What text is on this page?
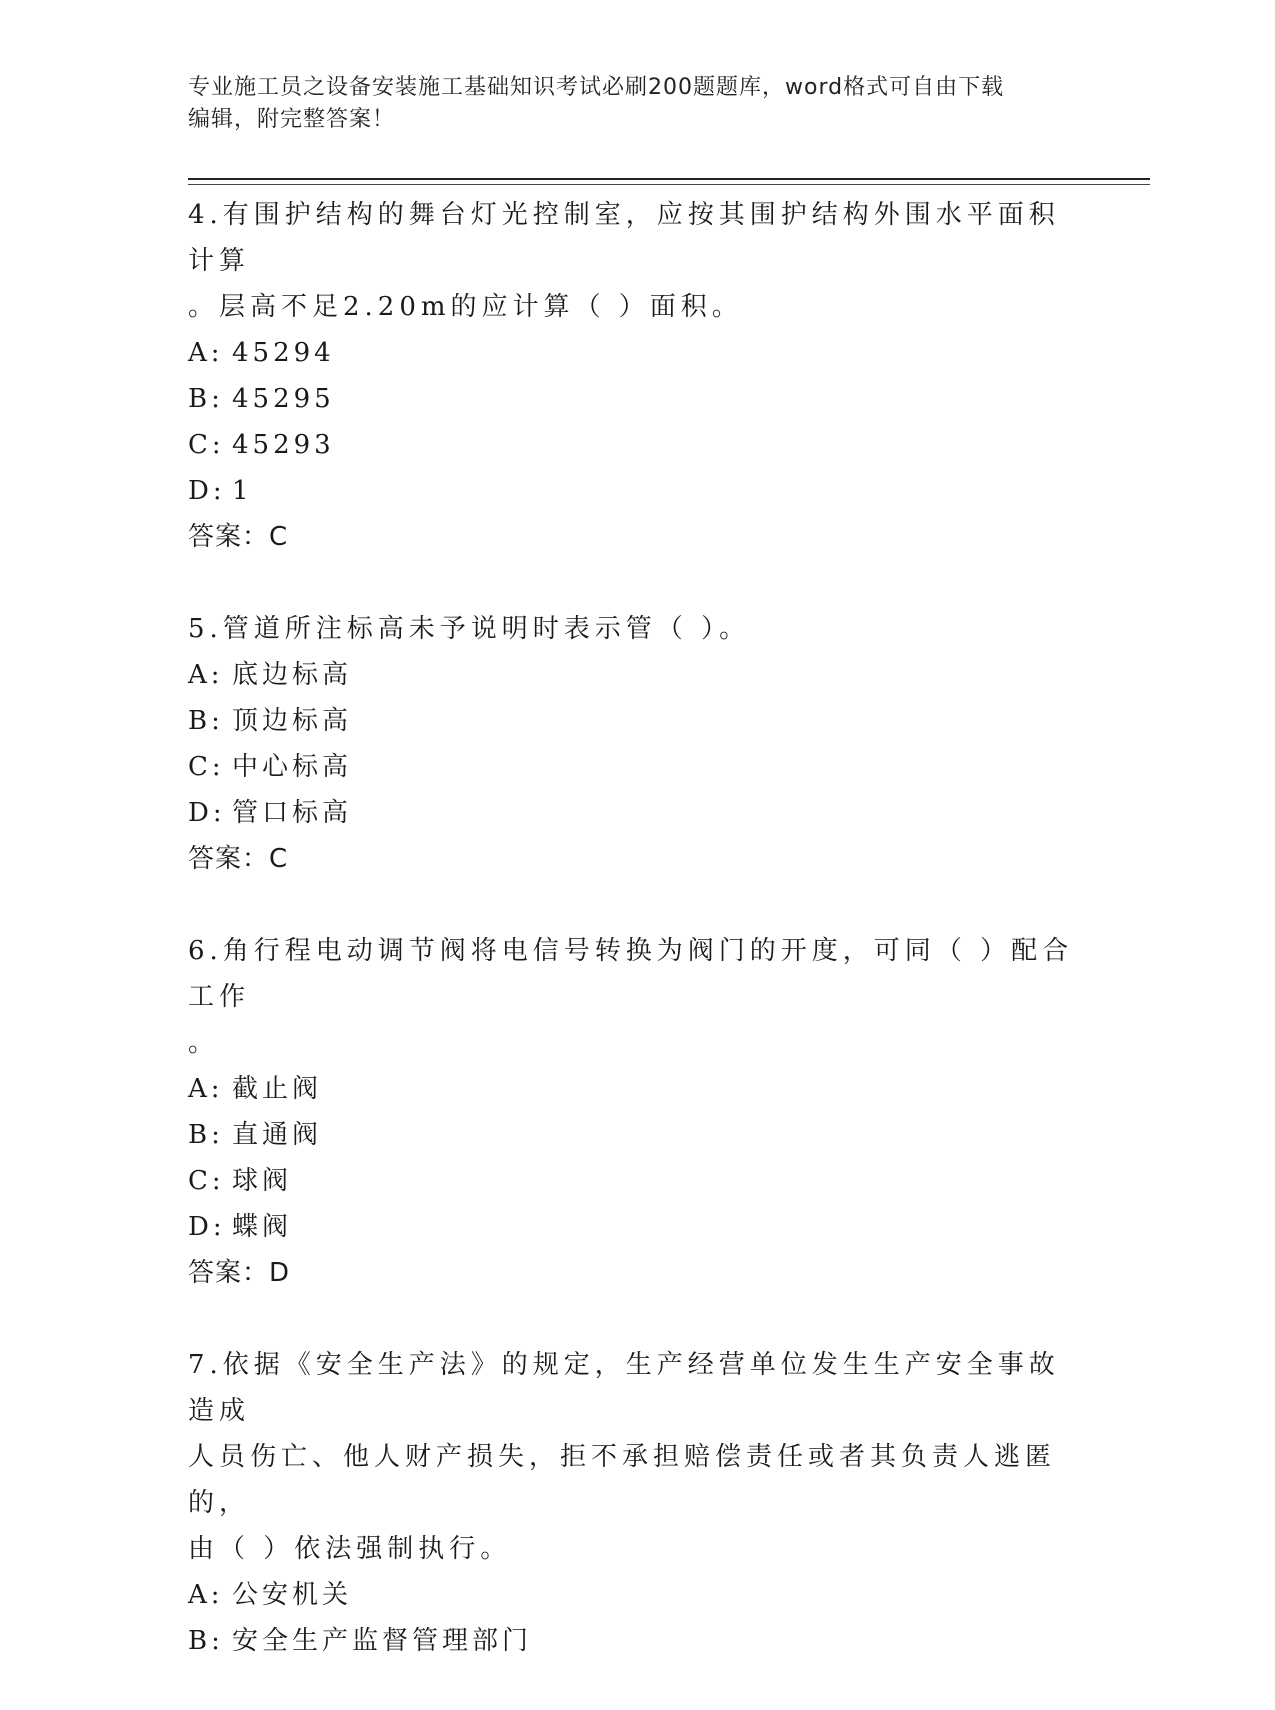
专业施工员之设备安装施工基础知识考试必刷200题题库，word格式可自由下载
编辑，附完整答案！

4.有围护结构的舞台灯光控制室，应按其围护结构外围水平面积计算

。层高不足2.20m的应计算（ ）面积。

A: 45294

B: 45295

C: 45293

D: 1

答案：C

5.管道所注标高未予说明时表示管（ ）。

A: 底边标高

B: 顶边标高

C: 中心标高

D: 管口标高

答案：C

6.角行程电动调节阀将电信号转换为阀门的开度，可同（ ）配合工作

。

A: 截止阀

B: 直通阀

C: 球阀

D: 蝶阀

答案：D

7.依据《安全生产法》的规定，生产经营单位发生生产安全事故造成

人员伤亡、他人财产损失，拒不承担赔偿责任或者其负责人逃匿的，

由（ ）依法强制执行。

A: 公安机关

B: 安全生产监督管理部门
